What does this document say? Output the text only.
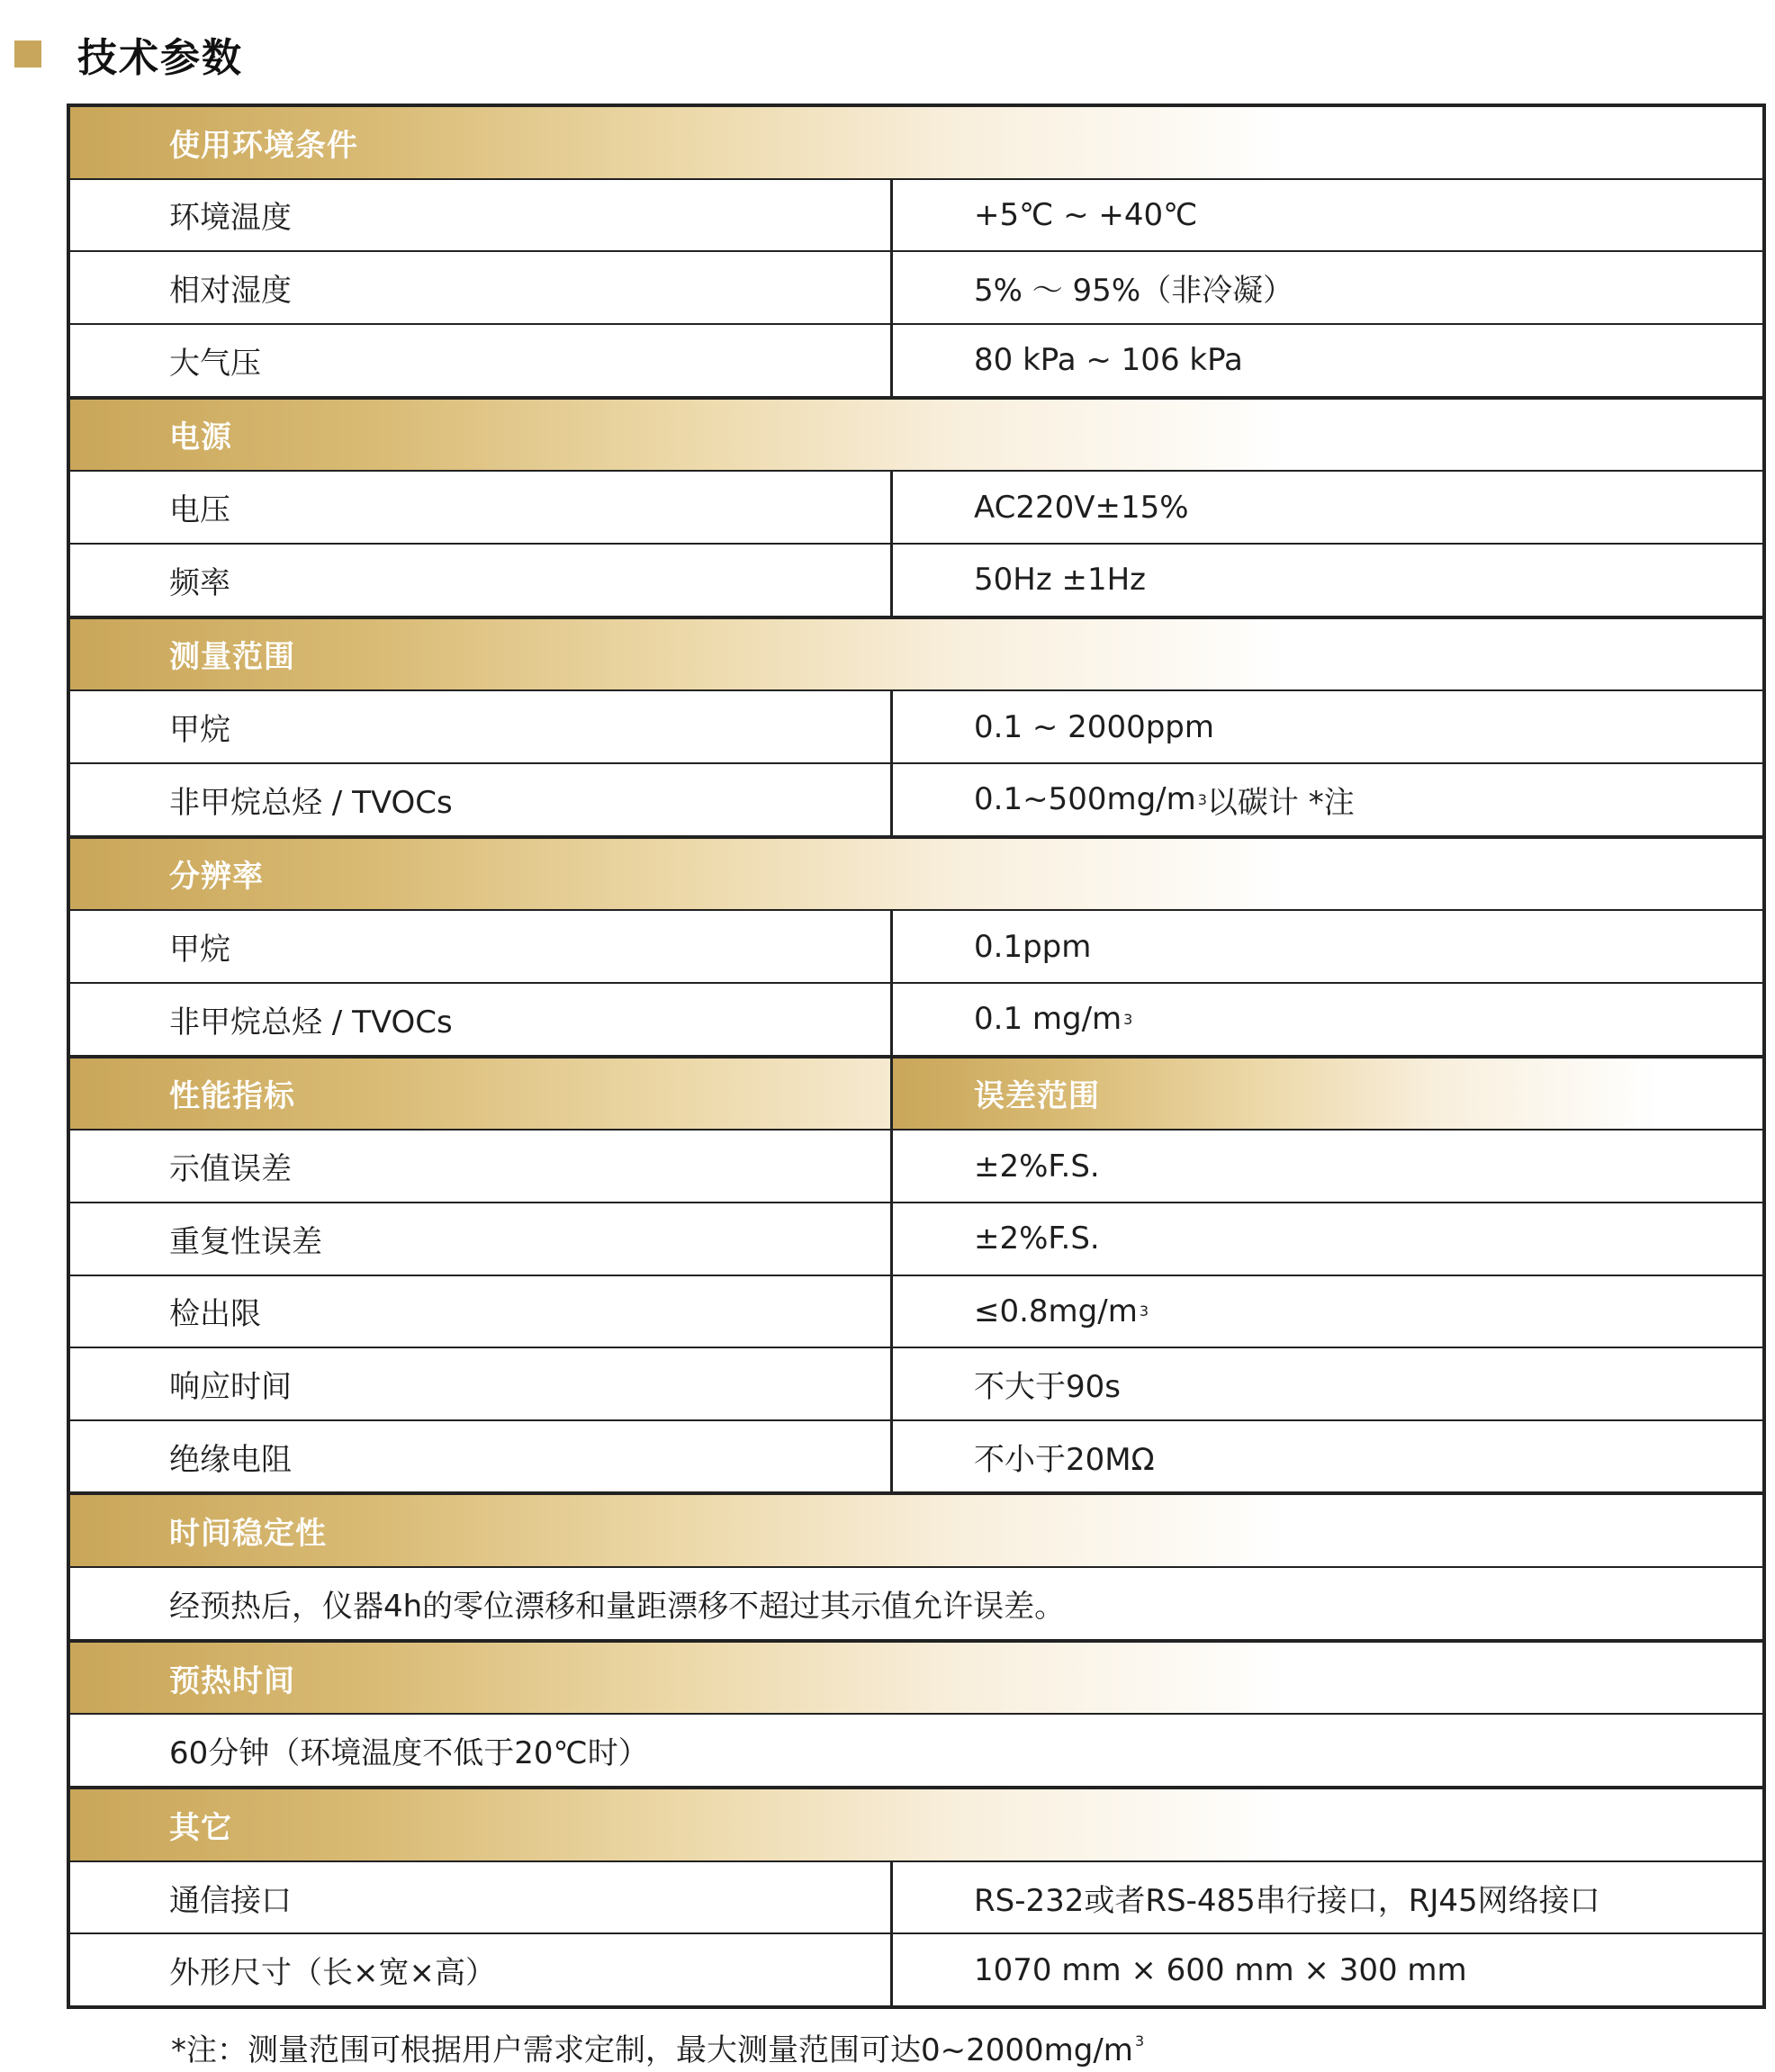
技术参数
使用环境条件
环境温度	+5℃ ~ +40℃
相对湿度	5% ～ 95%（非冷凝）
大气压	80 kPa ~ 106 kPa
电源
电压	AC220V±15%
频率	50Hz ±1Hz
测量范围
甲烷	0.1 ~ 2000ppm
非甲烷总烃 / TVOCs	0.1~500mg/m 3 以碳计 *注
分辨率
甲烷	0.1ppm
非甲烷总烃 / TVOCs	0.1 mg/m 3
性能指标	误差范围
示值误差	±2%F.S.
重复性误差	±2%F.S.
检出限	≤0.8mg/m 3
响应时间	不大于90s
绝缘电阻	不小于20MΩ
时间稳定性
经预热后，仪器4h的零位漂移和量距漂移不超过其示值允许误差。
预热时间
60分钟（环境温度不低于20℃时）
其它
通信接口	RS-232或者RS-485串行接口，RJ45网络接口
外形尺寸（长×宽×高）	1070 mm × 600 mm × 300 mm
*注：测量范围可根据用户需求定制，最大测量范围可达0~2000mg/m $^3$
